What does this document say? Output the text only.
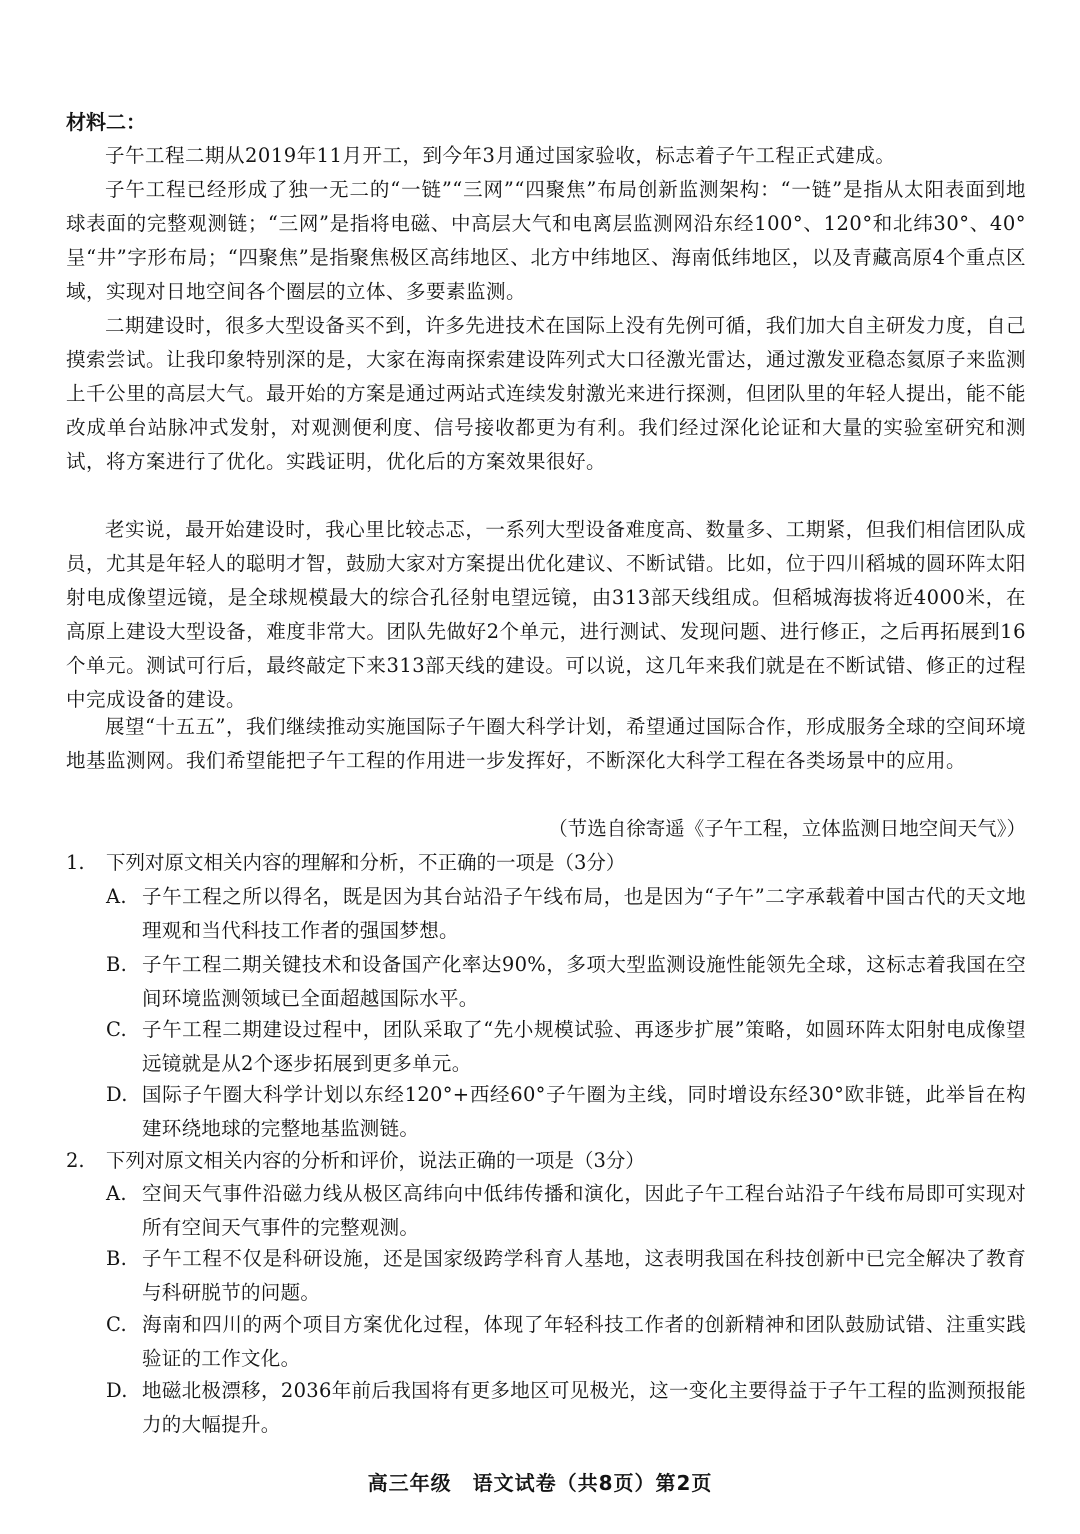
材料二：
子午工程二期从2019年11月开工，到今年3月通过国家验收，标志着子午工程正式建成。
子午工程已经形成了独一无二的“一链”“三网”“四聚焦”布局创新监测架构：“一链”是指从太阳表面到地球表面的完整观测链；“三网”是指将电磁、中高层大气和电离层监测网沿东经100°、120°和北纬30°、40°呈“井”字形布局；“四聚焦”是指聚焦极区高纬地区、北方中纬地区、海南低纬地区，以及青藏高原4个重点区域，实现对日地空间各个圈层的立体、多要素监测。
二期建设时，很多大型设备买不到，许多先进技术在国际上没有先例可循，我们加大自主研发力度，自己摸索尝试。让我印象特别深的是，大家在海南探索建设阵列式大口径激光雷达，通过激发亚稳态氦原子来监测上千公里的高层大气。最开始的方案是通过两站式连续发射激光来进行探测，但团队里的年轻人提出，能不能改成单台站脉冲式发射，对观测便利度、信号接收都更为有利。我们经过深化论证和大量的实验室研究和测试，将方案进行了优化。实践证明，优化后的方案效果很好。
老实说，最开始建设时，我心里比较忐忑，一系列大型设备难度高、数量多、工期紧，但我们相信团队成员，尤其是年轻人的聪明才智，鼓励大家对方案提出优化建议、不断试错。比如，位于四川稻城的圆环阵太阳射电成像望远镜，是全球规模最大的综合孔径射电望远镜，由313部天线组成。但稻城海拔将近4000米，在高原上建设大型设备，难度非常大。团队先做好2个单元，进行测试、发现问题、进行修正，之后再拓展到16个单元。测试可行后，最终敲定下来313部天线的建设。可以说，这几年来我们就是在不断试错、修正的过程中完成设备的建设。
展望“十五五”，我们继续推动实施国际子午圈大科学计划，希望通过国际合作，形成服务全球的空间环境地基监测网。我们希望能把子午工程的作用进一步发挥好，不断深化大科学工程在各类场景中的应用。
（节选自徐寄遥《子午工程，立体监测日地空间天气》）
1.	下列对原文相关内容的理解和分析，不正确的一项是（3分）
A. 子午工程之所以得名，既是因为其台站沿子午线布局，也是因为“子午”二字承载着中国古代的天文地理观和当代科技工作者的强国梦想。
B. 子午工程二期关键技术和设备国产化率达90%，多项大型监测设施性能领先全球，这标志着我国在空间环境监测领域已全面超越国际水平。
C. 子午工程二期建设过程中，团队采取了“先小规模试验、再逐步扩展”策略，如圆环阵太阳射电成像望远镜就是从2个逐步拓展到更多单元。
D. 国际子午圈大科学计划以东经120°+西经60°子午圈为主线，同时增设东经30°欧非链，此举旨在构建环绕地球的完整地基监测链。
2.	下列对原文相关内容的分析和评价，说法正确的一项是（3分）
A. 空间天气事件沿磁力线从极区高纬向中低纬传播和演化，因此子午工程台站沿子午线布局即可实现对所有空间天气事件的完整观测。
B. 子午工程不仅是科研设施，还是国家级跨学科育人基地，这表明我国在科技创新中已完全解决了教育与科研脱节的问题。
C. 海南和四川的两个项目方案优化过程，体现了年轻科技工作者的创新精神和团队鼓励试错、注重实践验证的工作文化。
D. 地磁北极漂移，2036年前后我国将有更多地区可见极光，这一变化主要得益于子午工程的监测预报能力的大幅提升。
高三年级　语文试卷（共8页）第2页
